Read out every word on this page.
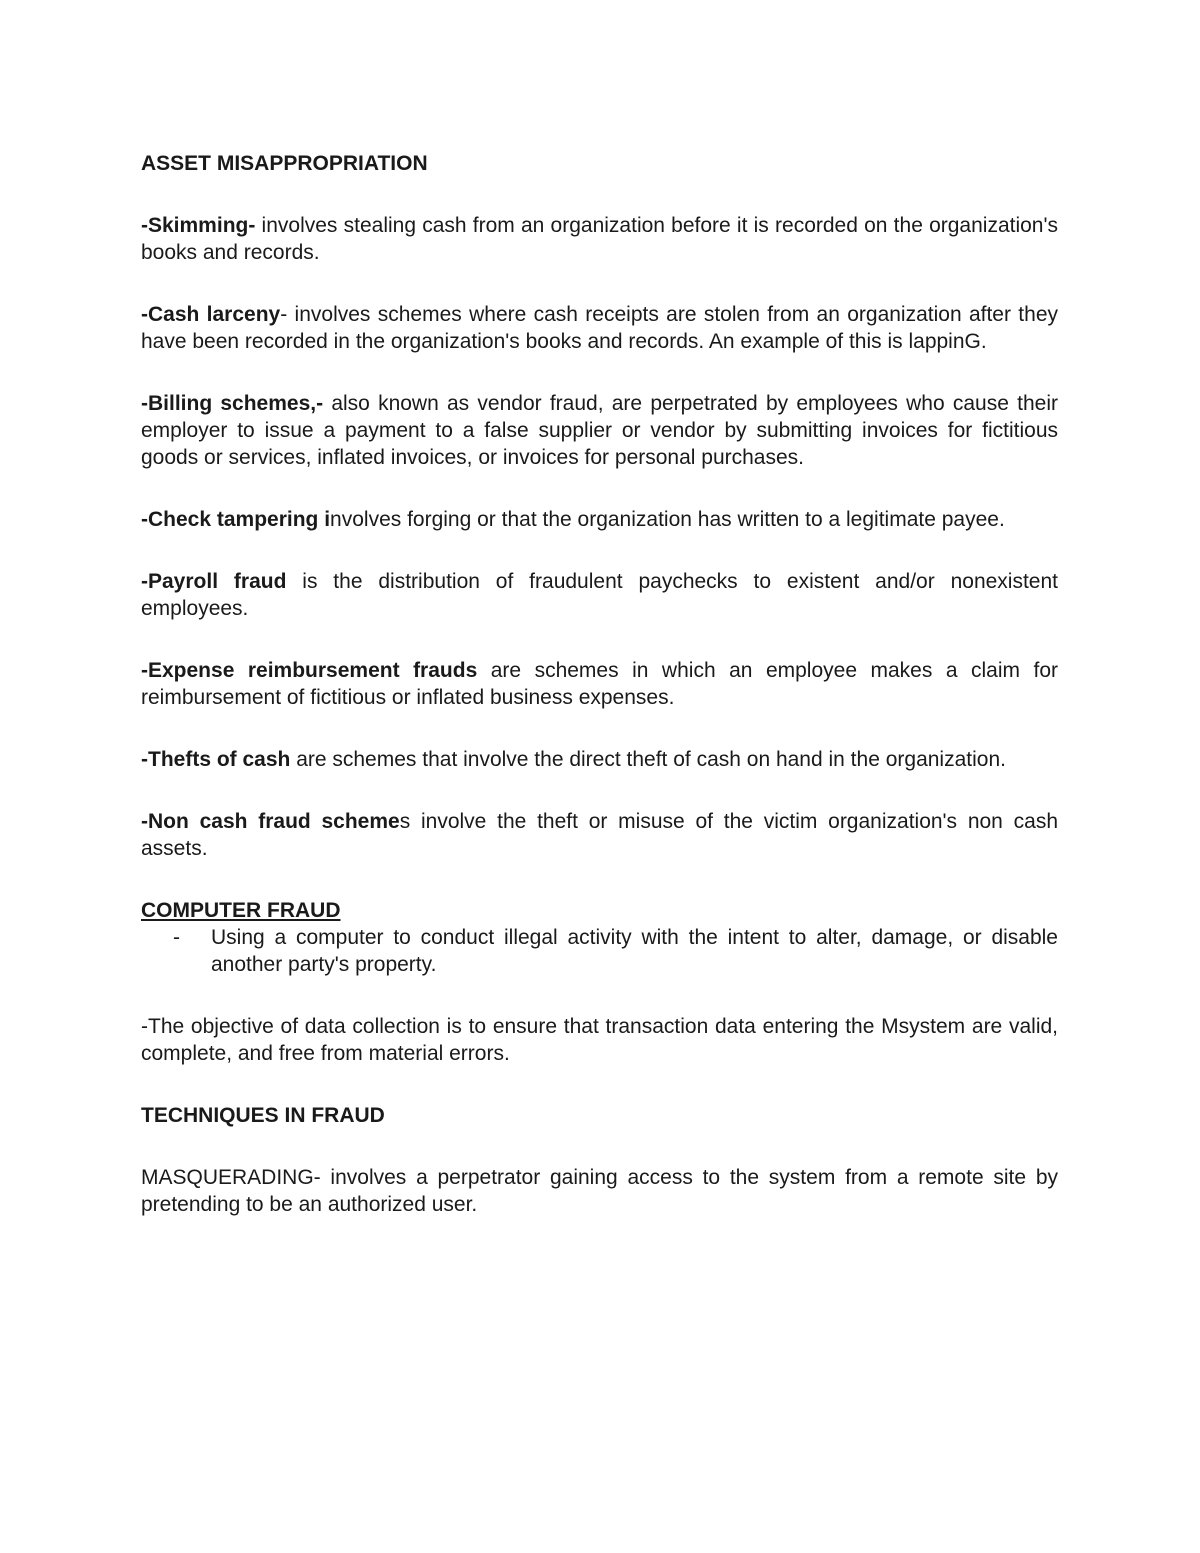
ASSET MISAPPROPRIATION

-Skimming- involves stealing cash from an organization before it is recorded on the organization's books and records.

-Cash larceny- involves schemes where cash receipts are stolen from an organization after they have been recorded in the organization's books and records. An example of this is lappinG.

-Billing schemes,- also known as vendor fraud, are perpetrated by employees who cause their employer to issue a payment to a false supplier or vendor by submitting invoices for fictitious goods or services, inflated invoices, or invoices for personal purchases.

-Check tampering involves forging or that the organization has written to a legitimate payee.

-Payroll fraud is the distribution of fraudulent paychecks to existent and/or nonexistent employees.

-Expense reimbursement frauds are schemes in which an employee makes a claim for reimbursement of fictitious or inflated business expenses.

-Thefts of cash are schemes that involve the direct theft of cash on hand in the organization.

-Non cash fraud schemes involve the theft or misuse of the victim organization's non cash assets.

COMPUTER FRAUD

- Using a computer to conduct illegal activity with the intent to alter, damage, or disable another party's property.

-The objective of data collection is to ensure that transaction data entering the Msystem are valid, complete, and free from material errors.

TECHNIQUES IN FRAUD

MASQUERADING- involves a perpetrator gaining access to the system from a remote site by pretending to be an authorized user.
